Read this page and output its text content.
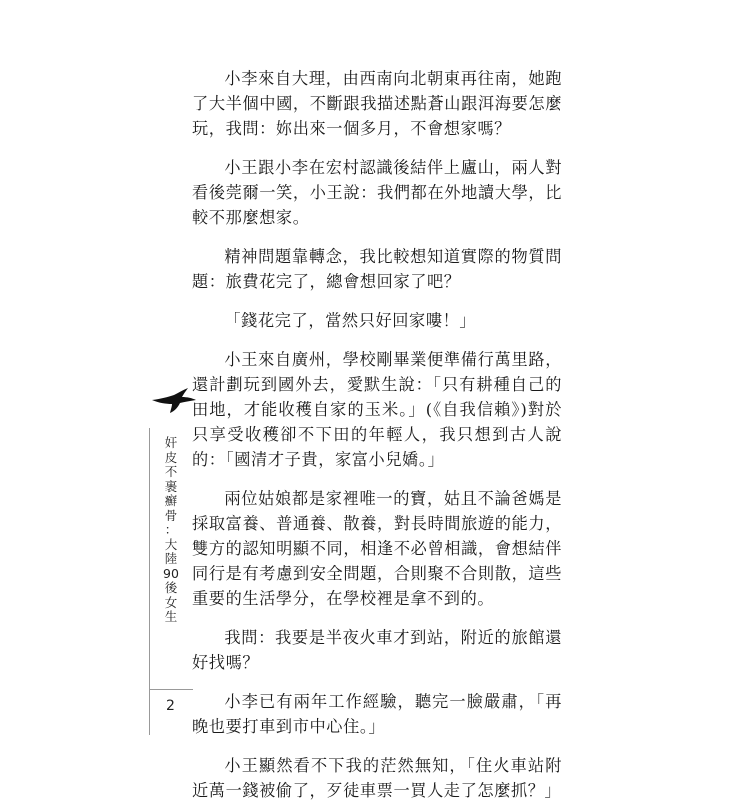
小李來自大理，由西南向北朝東再往南，她跑了大半個中國，不斷跟我描述點蒼山跟洱海要怎麼玩，我問：妳出來一個多月，不會想家嗎？

小王跟小李在宏村認識後結伴上廬山，兩人對看後莞爾一笑，小王說：我們都在外地讀大學，比較不那麼想家。

精神問題靠轉念，我比較想知道實際的物質問題：旅費花完了，總會想回家了吧？

「錢花完了，當然只好回家嘍！」

小王來自廣州，學校剛畢業便準備行萬里路，還計劃玩到國外去，愛默生說：「只有耕種自己的田地，才能收穫自家的玉米。」(《自我信賴》)對於只享受收穫卻不下田的年輕人，我只想到古人說的：「國清才子貴，家富小兒嬌。」

兩位姑娘都是家裡唯一的寶，姑且不論爸媽是採取富養、普通養、散養，對長時間旅遊的能力，雙方的認知明顯不同，相逢不必曾相識，會想結伴同行是有考慮到安全問題，合則聚不合則散，這些重要的生活學分，在學校裡是拿不到的。

我問：我要是半夜火車才到站，附近的旅館還好找嗎？

小李已有兩年工作經驗，聽完一臉嚴肅，「再晚也要打車到市中心住。」

小王顯然看不下我的茫然無知，「住火車站附近萬一錢被偷了，歹徒車票一買人走了怎麼抓？」

奸
皮
不
裹
癬
骨
：
大
陸
90
後
女
生
2
